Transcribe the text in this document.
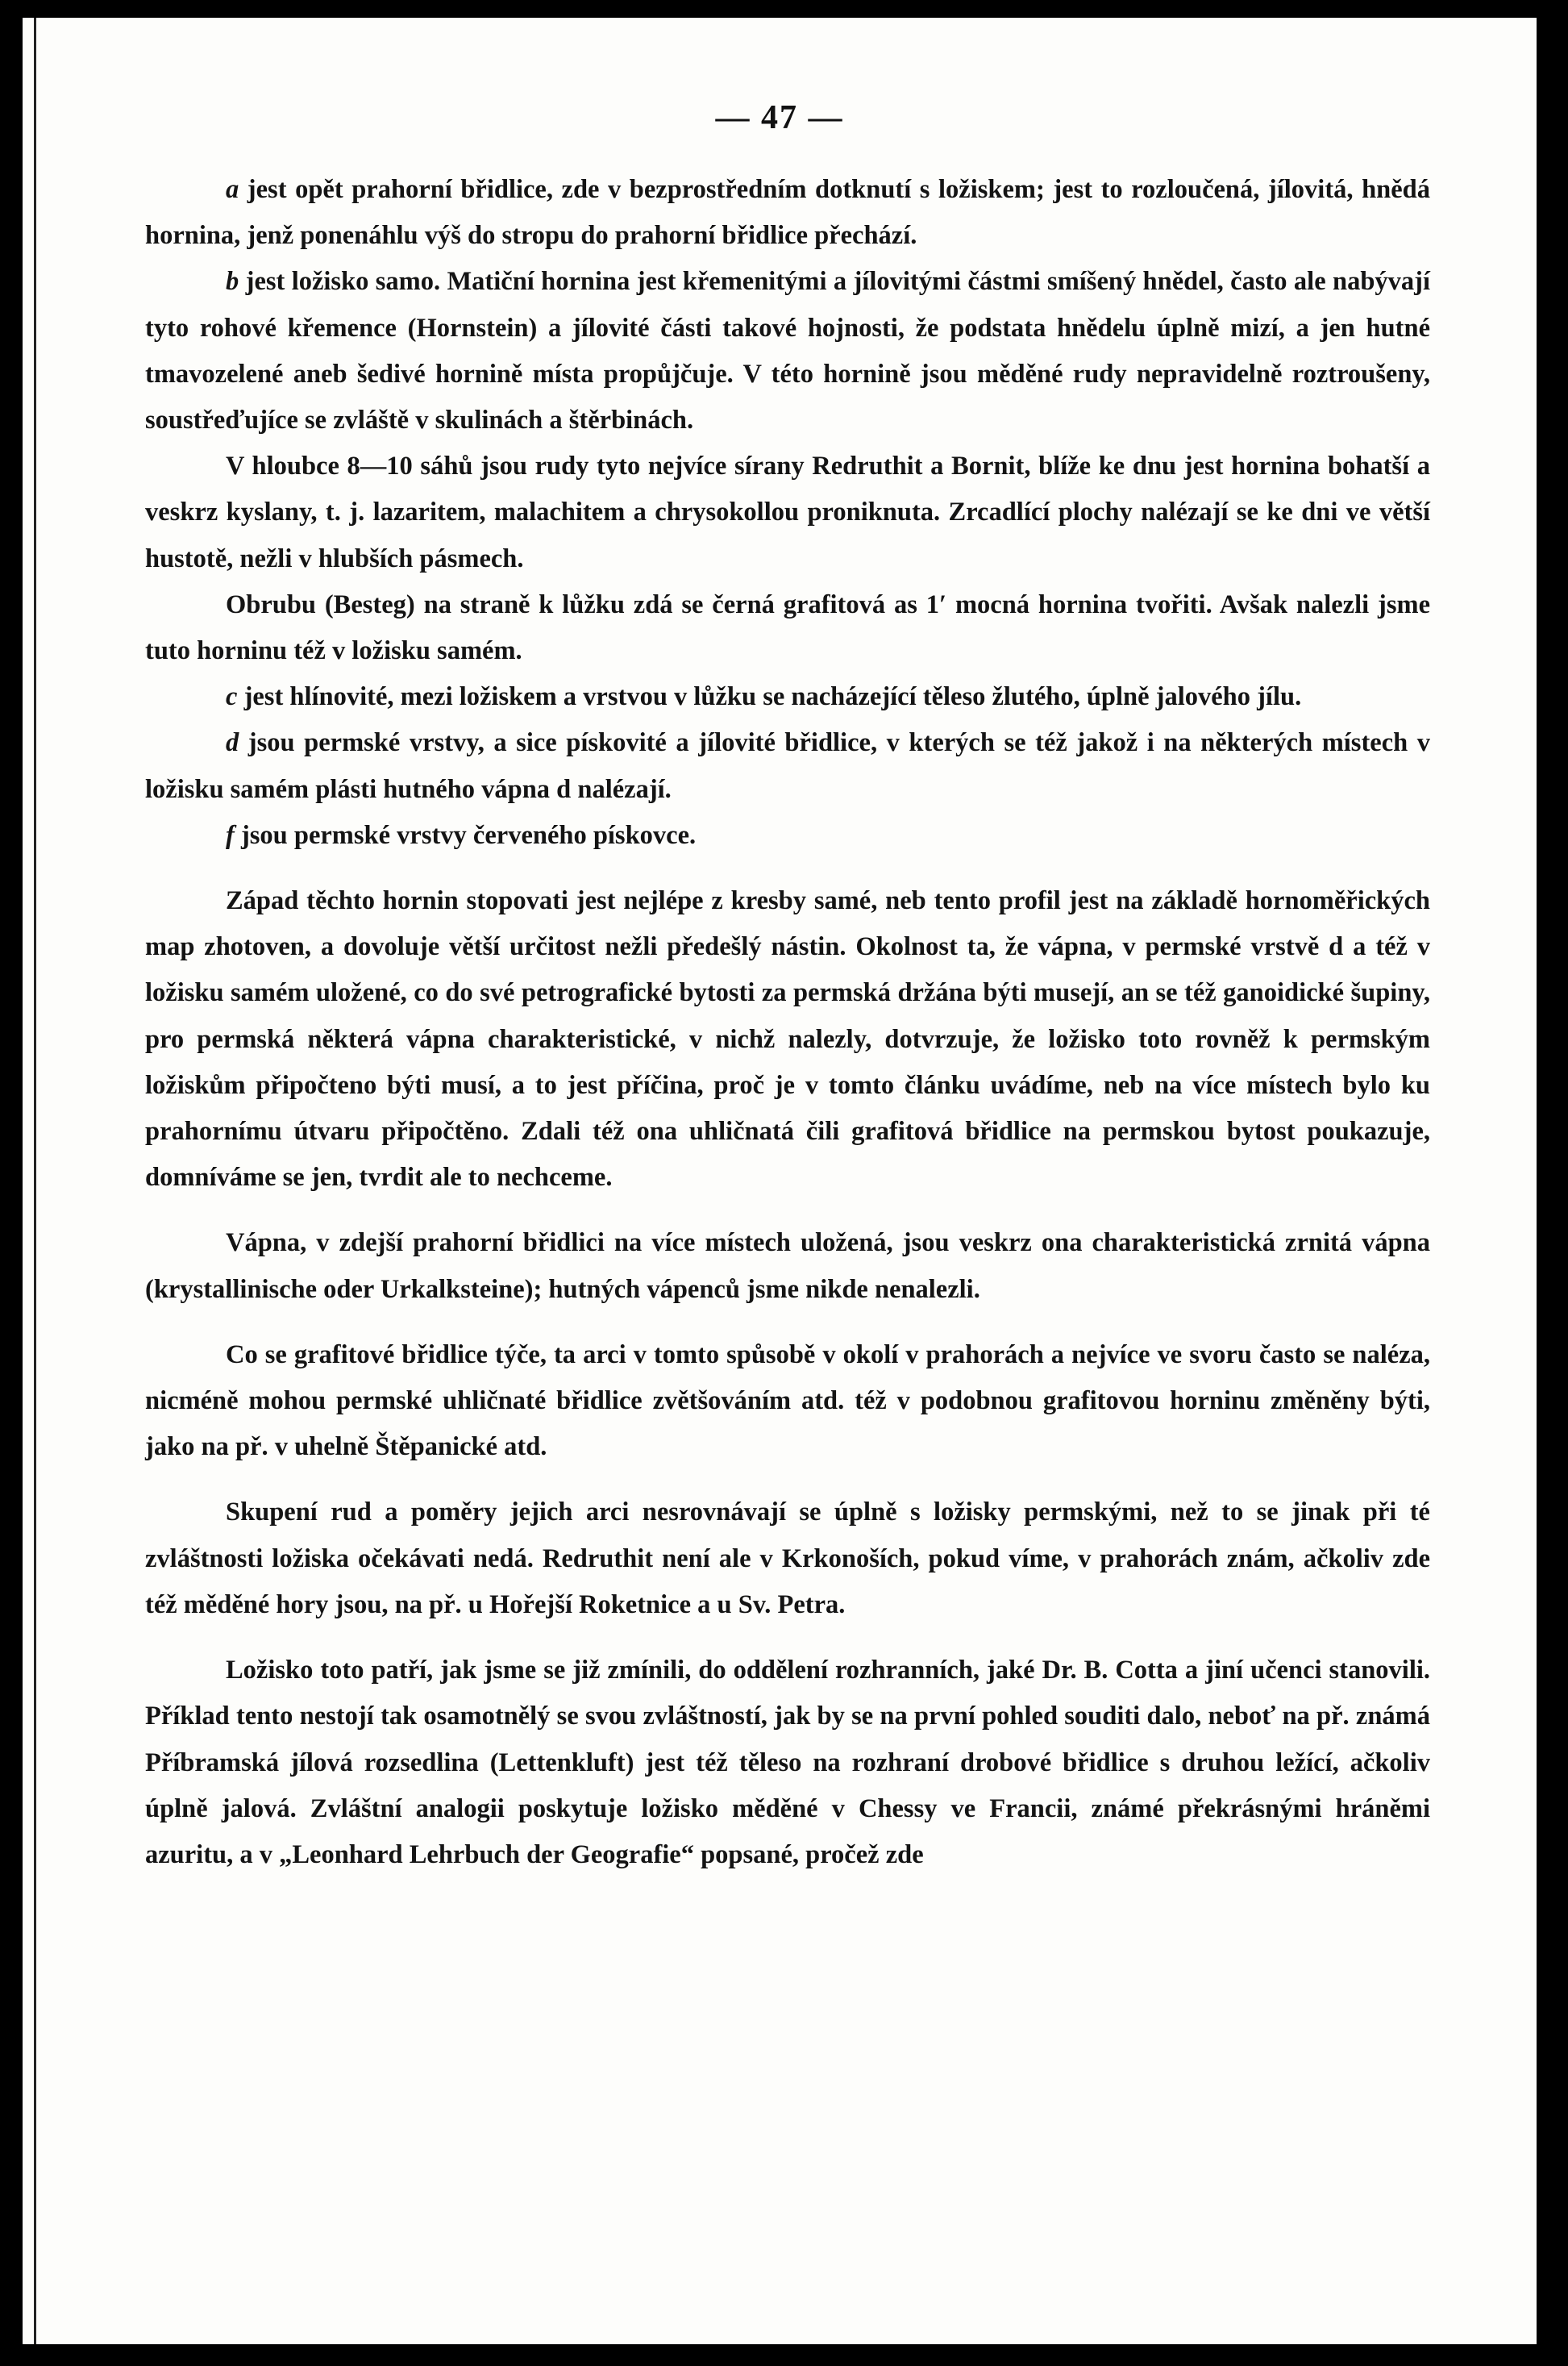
— 47 —

a jest opět prahorní břidlice, zde v bezprostředním dotknutí s ložiskem; jest to rozloučená, jílovitá, hnědá hornina, jenž ponenáhlu výš do stropu do prahorní břidlice přechází.

b jest ložisko samo. Matiční hornina jest křemenitými a jílovitými částmi smíšený hnědel, často ale nabývají tyto rohové křemence (Hornstein) a jílovité části takové hojnosti, že podstata hnědelu úplně mizí, a jen hutné tmavozelené aneb šedivé hornině místa propůjčuje. V této hornině jsou měděné rudy nepravidelně roztroušeny, soustřeďujíce se zvláště v skulinách a štěrbinách.

V hloubce 8—10 sáhů jsou rudy tyto nejvíce sírany Redruthit a Bornit, blíže ke dnu jest hornina bohatší a veskrz kyslany, t. j. lazaritem, malachitem a chrysokollou proniknuta. Zrcadlící plochy nalézají se ke dni ve větší hustotě, nežli v hlubších pásmech.

Obrubu (Besteg) na straně k lůžku zdá se černá grafitová as 1′ mocná hornina tvořiti. Avšak nalezli jsme tuto horninu též v ložisku samém.

c jest hlínovité, mezi ložiskem a vrstvou v lůžku se nacházející těleso žlutého, úplně jalového jílu.

d jsou permské vrstvy, a sice pískovité a jílovité břidlice, v kterých se též jakož i na některých místech v ložisku samém plásti hutného vápna d nalézají.

f jsou permské vrstvy červeného pískovce.

Západ těchto hornin stopovati jest nejlépe z kresby samé, neb tento profil jest na základě hornoměřických map zhotoven, a dovoluje větší určitost nežli předešlý nástin. Okolnost ta, že vápna, v permské vrstvě d a též v ložisku samém uložené, co do své petrografické bytosti za permská držána býti musejí, an se též ganoidické šupiny, pro permská některá vápna charakteristické, v nichž nalezly, dotvrzuje, že ložisko toto rovněž k permským ložiskům připočteno býti musí, a to jest příčina, proč je v tomto článku uvádíme, neb na více místech bylo ku prahornímu útvaru připočtěno. Zdali též ona uhličnatá čili grafitová břidlice na permskou bytost poukazuje, domníváme se jen, tvrdit ale to nechceme.

Vápna, v zdejší prahorní břidlici na více místech uložená, jsou veskrz ona charakteristická zrnitá vápna (krystallinische oder Urkalksteine); hutných vápenců jsme nikde nenalezli.

Co se grafitové břidlice týče, ta arci v tomto spůsobě v okolí v prahorách a nejvíce ve svoru často se naléza, nicméně mohou permské uhličnaté břidlice zvětšováním atd. též v podobnou grafitovou horninu změněny býti, jako na př. v uhelně Štěpanické atd.

Skupení rud a poměry jejich arci nesrovnávají se úplně s ložisky permskými, než to se jinak při té zvláštnosti ložiska očekávati nedá. Redruthit není ale v Krkonoších, pokud víme, v prahorách znám, ačkoliv zde též měděné hory jsou, na př. u Hořejší Roketnice a u Sv. Petra.

Ložisko toto patří, jak jsme se již zmínili, do oddělení rozhranních, jaké Dr. B. Cotta a jiní učenci stanovili. Příklad tento nestojí tak osamotnělý se svou zvláštností, jak by se na první pohled souditi dalo, neboť na př. známá Příbramská jílová rozsedlina (Lettenkluft) jest též těleso na rozhraní drobové břidlice s druhou ležící, ačkoliv úplně jalová. Zvláštní analogii poskytuje ložisko měděné v Chessy ve Francii, známé překrásnými hráněmi azuritu, a v „Leonhard Lehrbuch der Geografie“ popsané, pročež zde
